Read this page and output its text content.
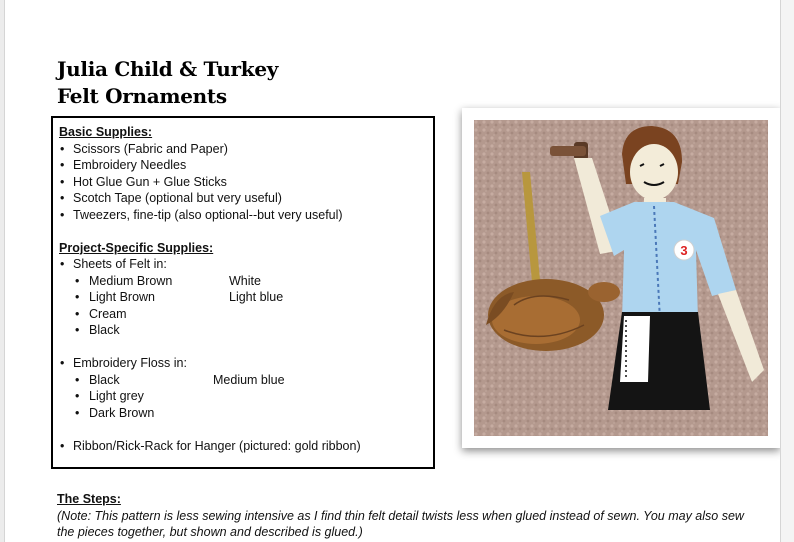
Julia Child & Turkey
Felt Ornaments
Basic Supplies:
• Scissors (Fabric and Paper)
• Embroidery Needles
• Hot Glue Gun + Glue Sticks
• Scotch Tape (optional but very useful)
• Tweezers, fine-tip (also optional--but very useful)
Project-Specific Supplies:
• Sheets of Felt in:
• Medium Brown	White
• Light Brown	Light blue
• Cream
• Black
• Embroidery Floss in:
• Black	Medium blue
• Light grey
• Dark Brown
• Ribbon/Rick-Rack for Hanger (pictured: gold ribbon)
3
The Steps:
(Note: This pattern is less sewing intensive as I find thin felt detail twists less when glued instead of sewn. You may also sew the pieces together, but shown and described is glued.)
